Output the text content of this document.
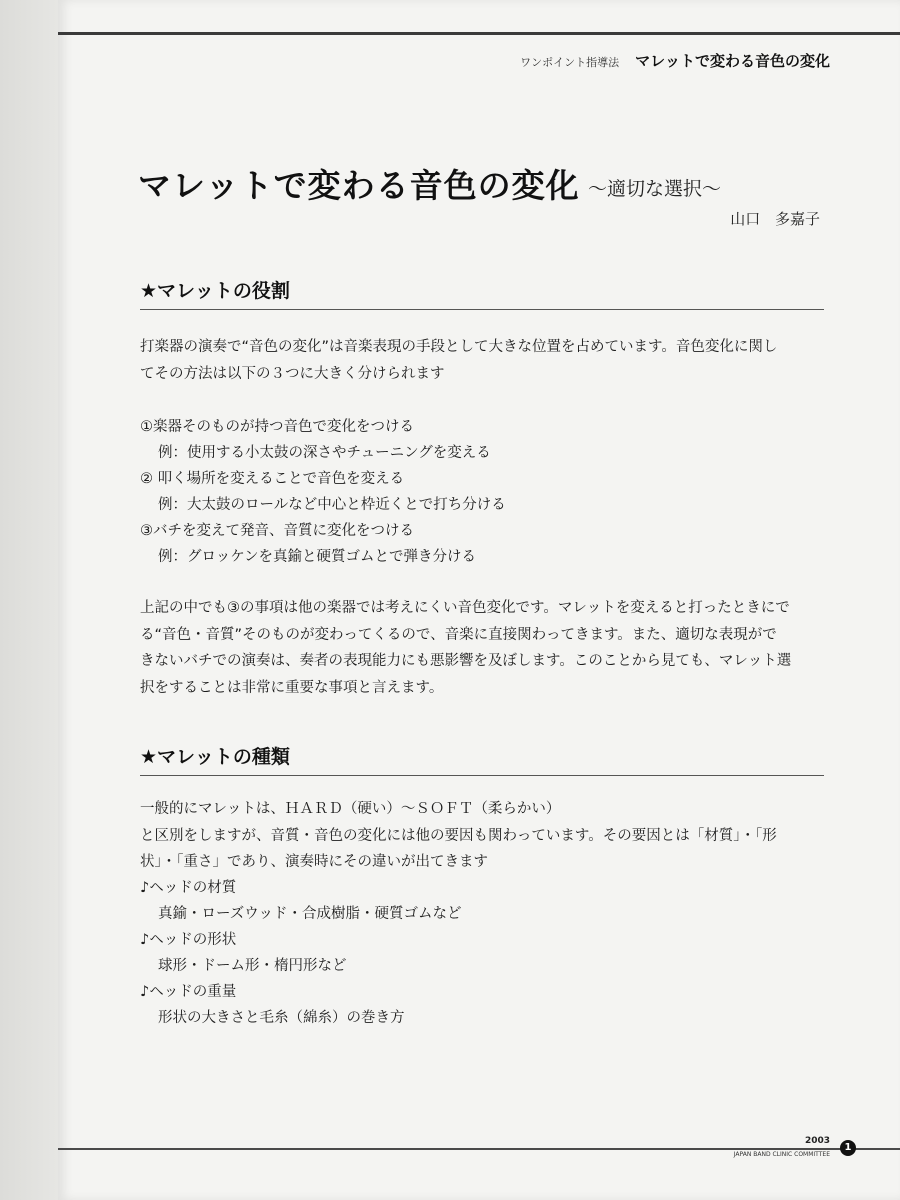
ワンポイント指導法 マレットで変わる音色の変化
マレットで変わる音色の変化 ～適切な選択～
山口 多嘉子
★マレットの役割

打楽器の演奏で“音色の変化”は音楽表現の手段として大きな位置を占めています。音色変化に関し

てその方法は以下の３つに大きく分けられます

①楽器そのものが持つ音色で変化をつける

例：使用する小太鼓の深さやチューニングを変える

② 叩く場所を変えることで音色を変える

例：大太鼓のロールなど中心と枠近くとで打ち分ける

③バチを変えて発音、音質に変化をつける

例：グロッケンを真鍮と硬質ゴムとで弾き分ける

上記の中でも③の事項は他の楽器では考えにくい音色変化です。マレットを変えると打ったときにで

る“音色・音質”そのものが変わってくるので、音楽に直接関わってきます。また、適切な表現がで

きないバチでの演奏は、奏者の表現能力にも悪影響を及ぼします。このことから見ても、マレット選

択をすることは非常に重要な事項と言えます。

★マレットの種類

一般的にマレットは、ＨＡＲＤ（硬い）～ＳＯＦＴ（柔らかい）

と区別をしますが、音質・音色の変化には他の要因も関わっています。その要因とは「材質」・「形

状」・「重さ」であり、演奏時にその違いが出てきます

♪ヘッドの材質

真鍮・ローズウッド・合成樹脂・硬質ゴムなど

♪ヘッドの形状

球形・ドーム形・楕円形など

♪ヘッドの重量

形状の大きさと毛糸（綿糸）の巻き方

2003
JAPAN BAND CLINIC COMMITTEE
1
